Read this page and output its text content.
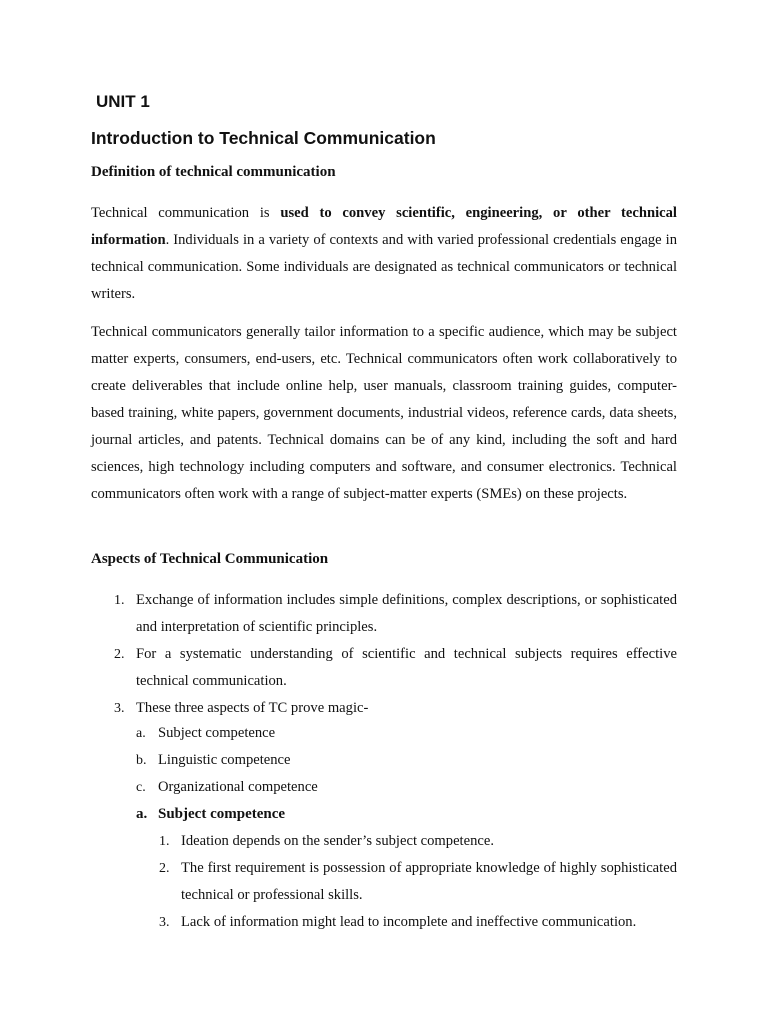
UNIT 1
Introduction to Technical Communication
Definition of technical communication

Technical communication is used to convey scientific, engineering, or other technical information. Individuals in a variety of contexts and with varied professional credentials engage in technical communication. Some individuals are designated as technical communicators or technical writers.

Technical communicators generally tailor information to a specific audience, which may be subject matter experts, consumers, end-users, etc. Technical communicators often work collaboratively to create deliverables that include online help, user manuals, classroom training guides, computer-based training, white papers, government documents, industrial videos, reference cards, data sheets, journal articles, and patents. Technical domains can be of any kind, including the soft and hard sciences, high technology including computers and software, and consumer electronics. Technical communicators often work with a range of subject-matter experts (SMEs) on these projects.

Aspects of Technical Communication
1. Exchange of information includes simple definitions, complex descriptions, or sophisticated and interpretation of scientific principles.
2. For a systematic understanding of scientific and technical subjects requires effective technical communication.
3. These three aspects of TC prove magic-
a. Subject competence
b. Linguistic competence
c. Organizational competence
a. Subject competence
1. Ideation depends on the sender’s subject competence.
2. The first requirement is possession of appropriate knowledge of highly sophisticated technical or professional skills.
3. Lack of information might lead to incomplete and ineffective communication.
